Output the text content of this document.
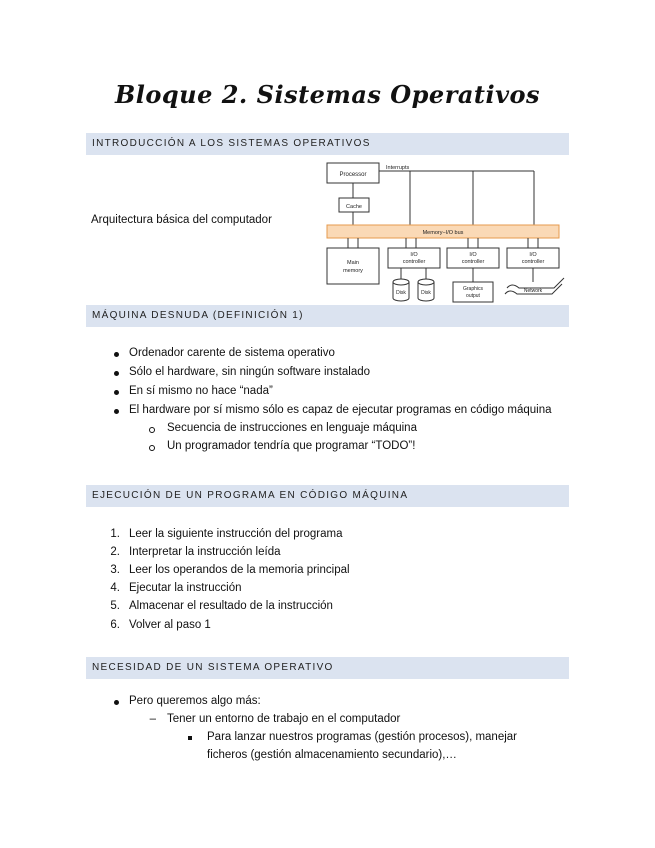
Bloque 2. Sistemas Operativos
INTRODUCCIÓN A LOS SISTEMAS OPERATIVOS
Arquitectura básica del computador
Processor
Interrupts
Cache
Memory−I/O bus
Main
memory
I/O
controller
I/O
controller
I/O
controller
Disk	Disk
Graphics
output
Network
MÁQUINA DESNUDA (DEFINICIÓN 1)
Ordenador carente de sistema operativo
Sólo el hardware, sin ningún software instalado
En sí mismo no hace “nada”
El hardware por sí mismo sólo es capaz de ejecutar programas en código máquina
Secuencia de instrucciones en lenguaje máquina
Un programador tendría que programar “TODO”!
EJECUCIÓN DE UN PROGRAMA EN CÓDIGO MÁQUINA
1. Leer la siguiente instrucción del programa
2. Interpretar la instrucción leída
3. Leer los operandos de la memoria principal
4. Ejecutar la instrucción
5. Almacenar el resultado de la instrucción
6. Volver al paso 1
NECESIDAD DE UN SISTEMA OPERATIVO
Pero queremos algo más:
– Tener un entorno de trabajo en el computador
Para lanzar nuestros programas (gestión procesos), manejar
ficheros (gestión almacenamiento secundario),…
